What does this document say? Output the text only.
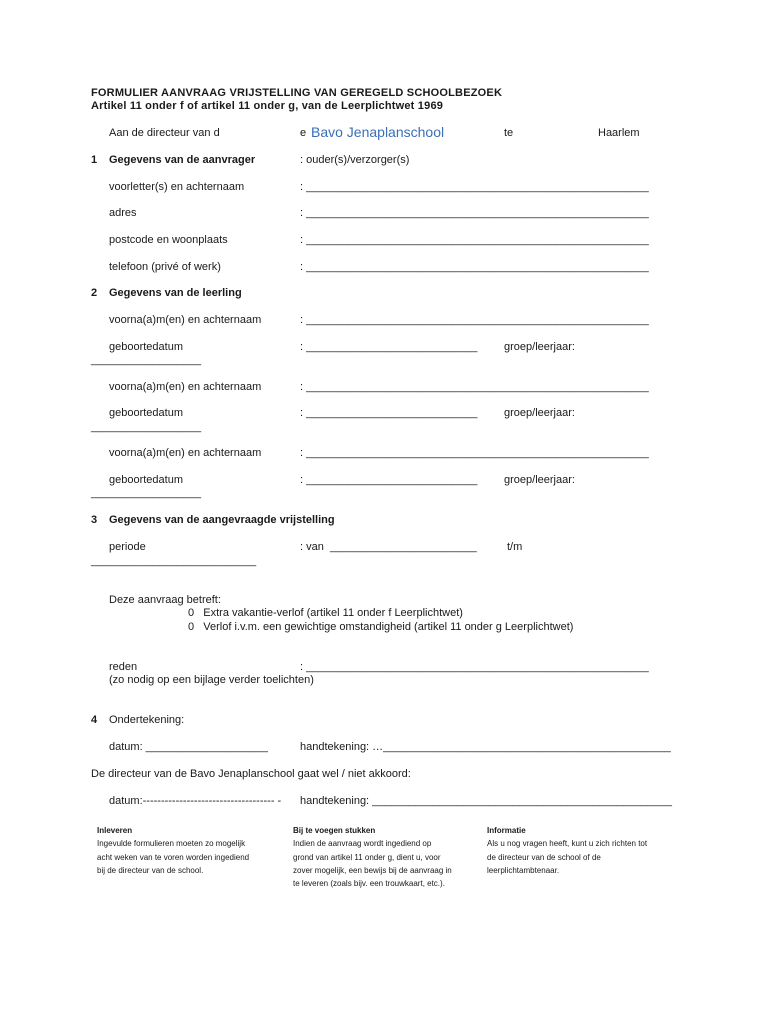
FORMULIER AANVRAAG VRIJSTELLING VAN GEREGELD SCHOOLBEZOEK
Artikel 11 onder f of artikel 11 onder g, van de Leerplichtwet 1969
Aan de directeur van d	e Bavo Jenaplanschool	te	Haarlem
1 Gegevens van de aanvrager	: ouder(s)/verzorger(s)
voorletter(s) en achternaam	: ________________________________________________________
adres	: ________________________________________________________
postcode en woonplaats	: ________________________________________________________
telefoon (privé of werk)	: ________________________________________________________
2 Gegevens van de leerling
voorna(a)m(en) en achternaam	: ________________________________________________________
geboortedatum	: ____________________________ groep/leerjaar:
__________________
voorna(a)m(en) en achternaam	: ________________________________________________________
geboortedatum	: ____________________________ groep/leerjaar:
__________________
voorna(a)m(en) en achternaam	: ________________________________________________________
geboortedatum	: ____________________________ groep/leerjaar:
__________________
3 Gegevens van de aangevraagde vrijstelling
periode	: van  ________________________	t/m
___________________________
Deze aanvraag betreft:
0   Extra vakantie-verlof (artikel 11 onder f Leerplichtwet)
0   Verlof i.v.m. een gewichtige omstandigheid (artikel 11 onder g Leerplichtwet)
reden	: ________________________________________________________
(zo nodig op een bijlage verder toelichten)
4 Ondertekening:
datum: ____________________	handtekening: …_______________________________________________
De directeur van de Bavo Jenaplanschool gaat wel / niet akkoord:
datum:------------------------------------ - handtekening: _________________________________________________
Inleveren
Ingevulde formulieren moeten zo mogelijk
acht weken van te voren worden ingediend
bij de directeur van de school.
Bij te voegen stukken
Indien de aanvraag wordt ingediend op
grond van artikel 11 onder g, dient u, voor
zover mogelijk, een bewijs bij de aanvraag in
te leveren (zoals bijv. een trouwkaart, etc.).
Informatie
Als u nog vragen heeft, kunt u zich richten tot
de directeur van de school of de
leerplichtambtenaar.
